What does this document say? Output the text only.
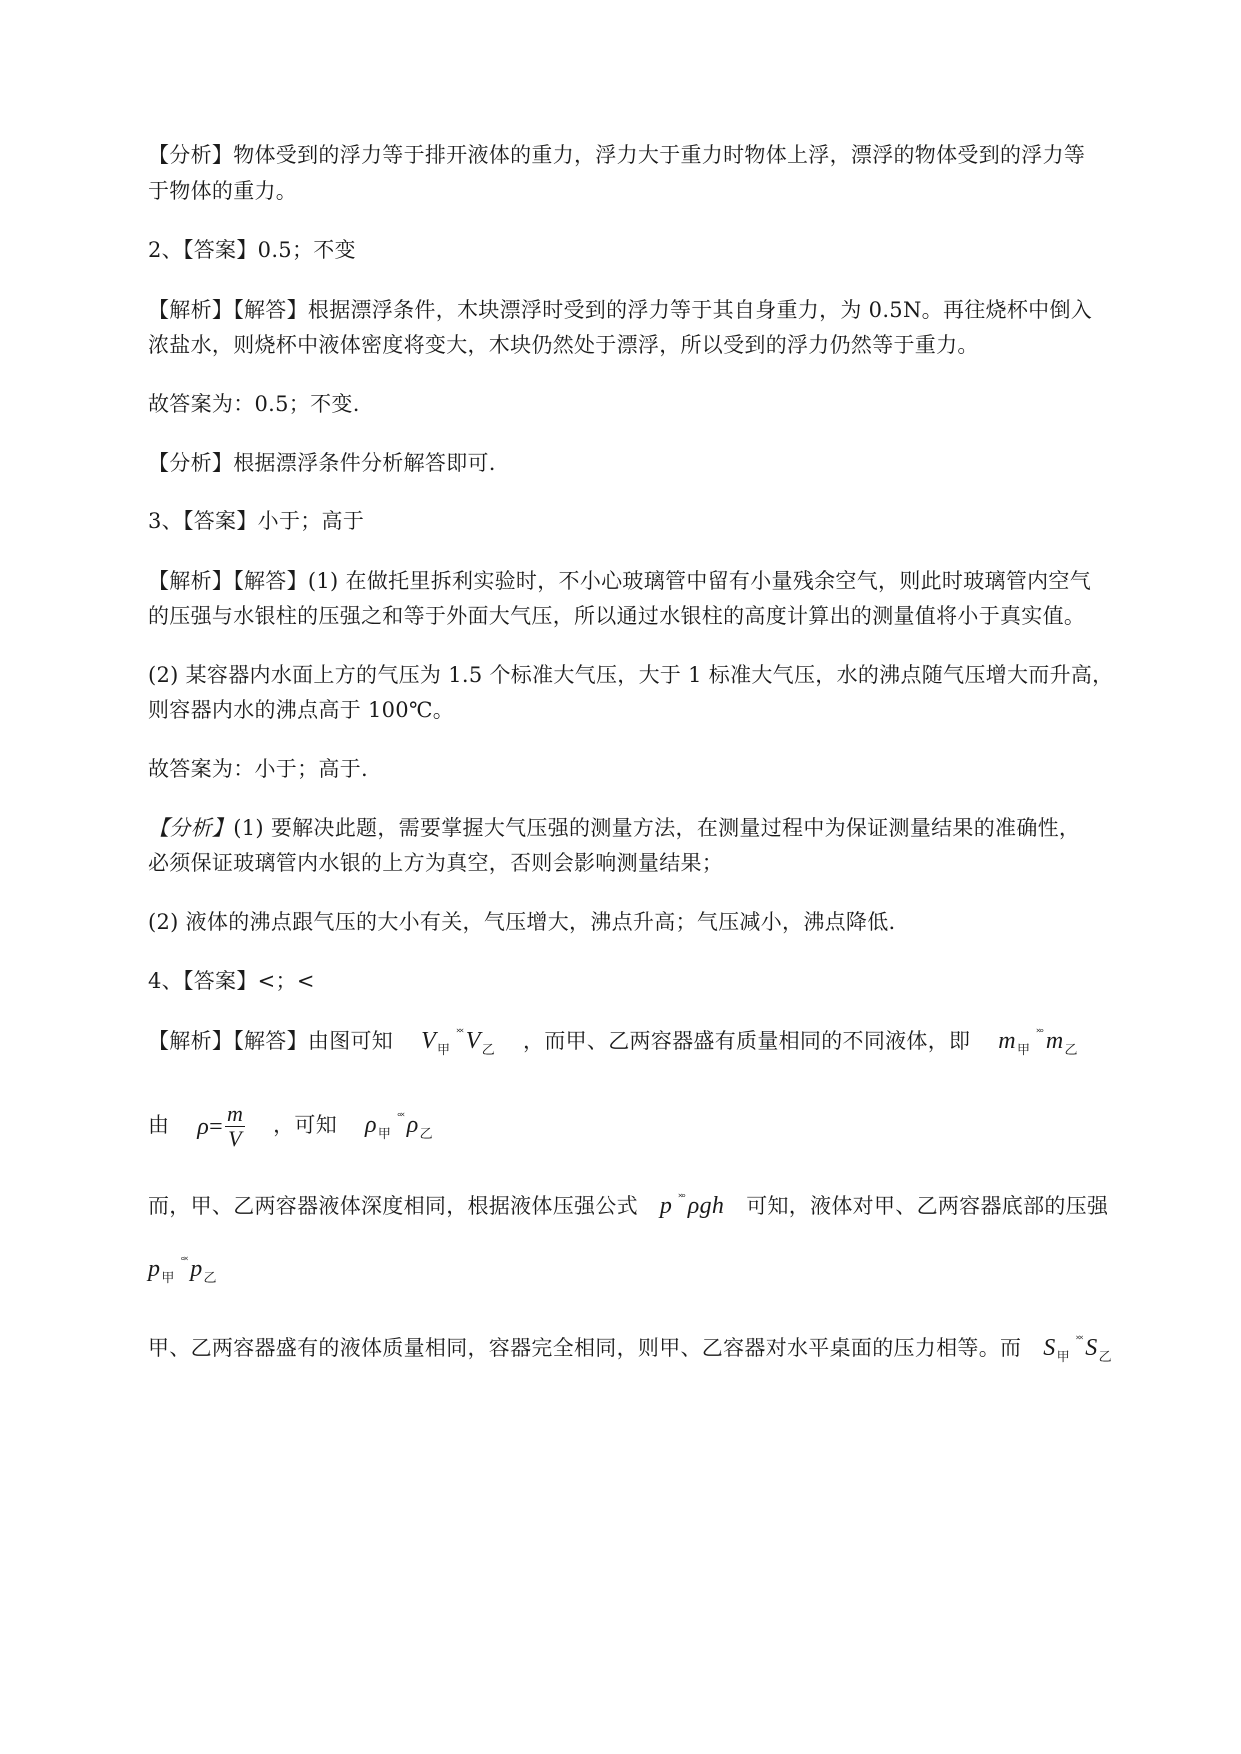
【分析】物体受到的浮力等于排开液体的重力，浮力大于重力时物体上浮，漂浮的物体受到的浮力等
于物体的重力。
2、【答案】0.5；不变
【解析】【解答】根据漂浮条件，木块漂浮时受到的浮力等于其自身重力，为 0.5N。再往烧杯中倒入
浓盐水，则烧杯中液体密度将变大，木块仍然处于漂浮，所以受到的浮力仍然等于重力。
故答案为：0.5；不变.
【分析】根据漂浮条件分析解答即可.
3、【答案】小于；高于
【解析】【解答】(1) 在做托里拆利实验时，不小心玻璃管中留有小量残余空气，则此时玻璃管内空气
的压强与水银柱的压强之和等于外面大气压，所以通过水银柱的高度计算出的测量值将小于真实值。
(2) 某容器内水面上方的气压为 1.5 个标准大气压，大于 1 标准大气压，水的沸点随气压增大而升高，
则容器内水的沸点高于 100℃。
故答案为：小于；高于.
【分析】(1) 要解决此题，需要掌握大气压强的测量方法，在测量过程中为保证测量结果的准确性，
必须保证玻璃管内水银的上方为真空，否则会影响测量结果；
(2) 液体的沸点跟气压的大小有关，气压增大，沸点升高；气压减小，沸点降低.
4、【答案】<；<
【解析】【解答】由图可知 $V_甲^{˟˟}$ $V_乙$ ，而甲、乙两容器盛有质量相同的不同液体，即 $m_甲^{˟^\circ}$ $m_乙$
由 $\rho= \frac{m}{V}$ ，可知 $\rho_甲^{^\circ˟}$ $\rho_乙$
而，甲、乙两容器液体深度相同，根据液体压强公式 p ˟° ρgh 可知，液体对甲、乙两容器底部的压强
$p_甲^{^\circ˟}$ $p_乙$
甲、乙两容器盛有的液体质量相同，容器完全相同，则甲、乙容器对水平桌面的压力相等。而 $S_甲^{˟˟}$ $S_乙$
